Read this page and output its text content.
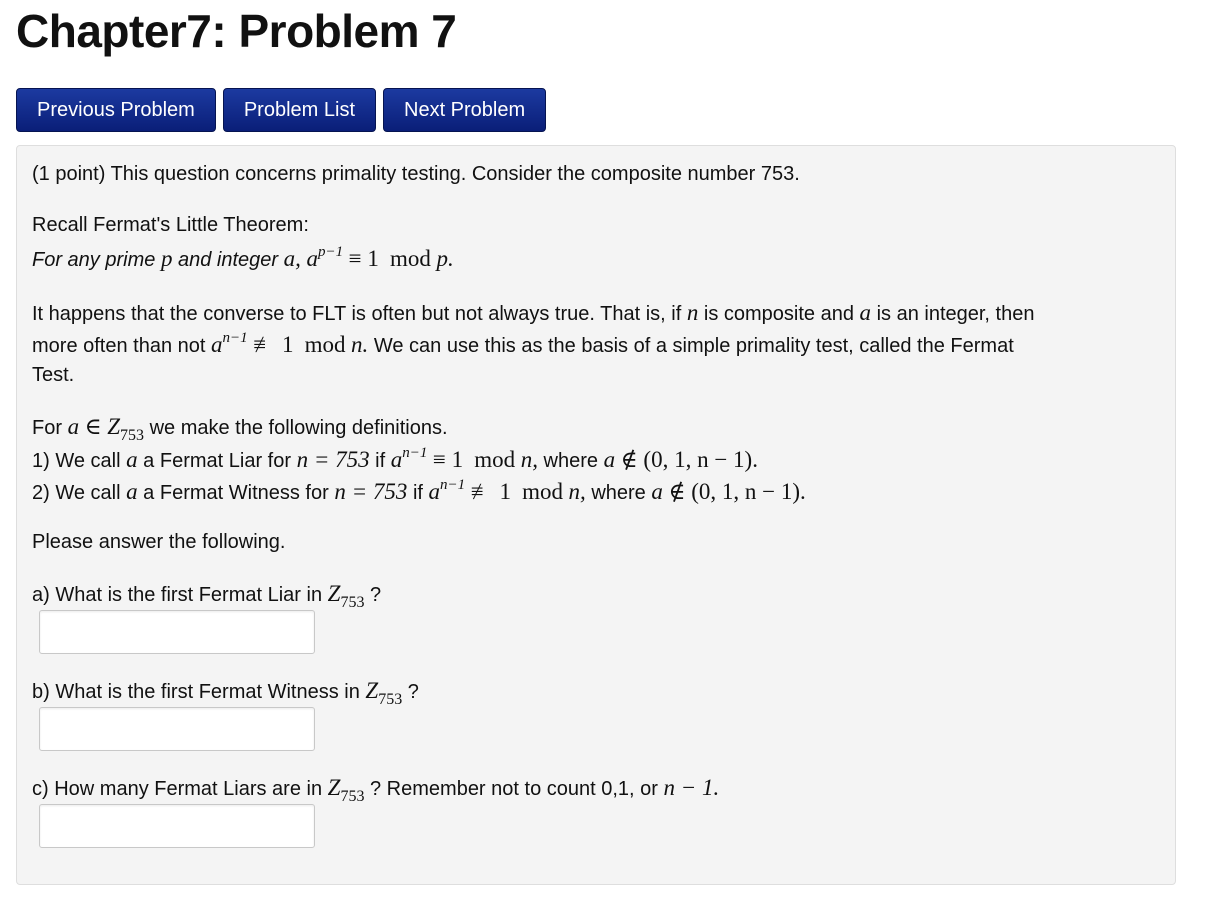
Chapter7: Problem 7
Previous Problem	Problem List	Next Problem
(1 point) This question concerns primality testing. Consider the composite number 753.
Recall Fermat's Little Theorem:
For any prime p and integer a, $a^{p-1} \equiv 1$ mod p.
It happens that the converse to FLT is often but not always true. That is, if n is composite and a is an integer, then
more often than not $a^{n-1}$ ≢ 1 mod n. We can use this as the basis of a simple primality test, called the Fermat
Test.
For a ∈ $Z_{753}$ we make the following definitions.
1) We call a a Fermat Liar for n = 753 if $a^{n-1} \equiv 1$ mod n, where a ∉ (0, 1, n − 1).
2) We call a a Fermat Witness for n = 753 if $a^{n-1}$ ≢ 1 mod n, where a ∉ (0, 1, n − 1).
Please answer the following.
a) What is the first Fermat Liar in $Z_{753}$ ?
b) What is the first Fermat Witness in $Z_{753}$ ?
c) How many Fermat Liars are in $Z_{753}$ ? Remember not to count 0,1, or n − 1.
